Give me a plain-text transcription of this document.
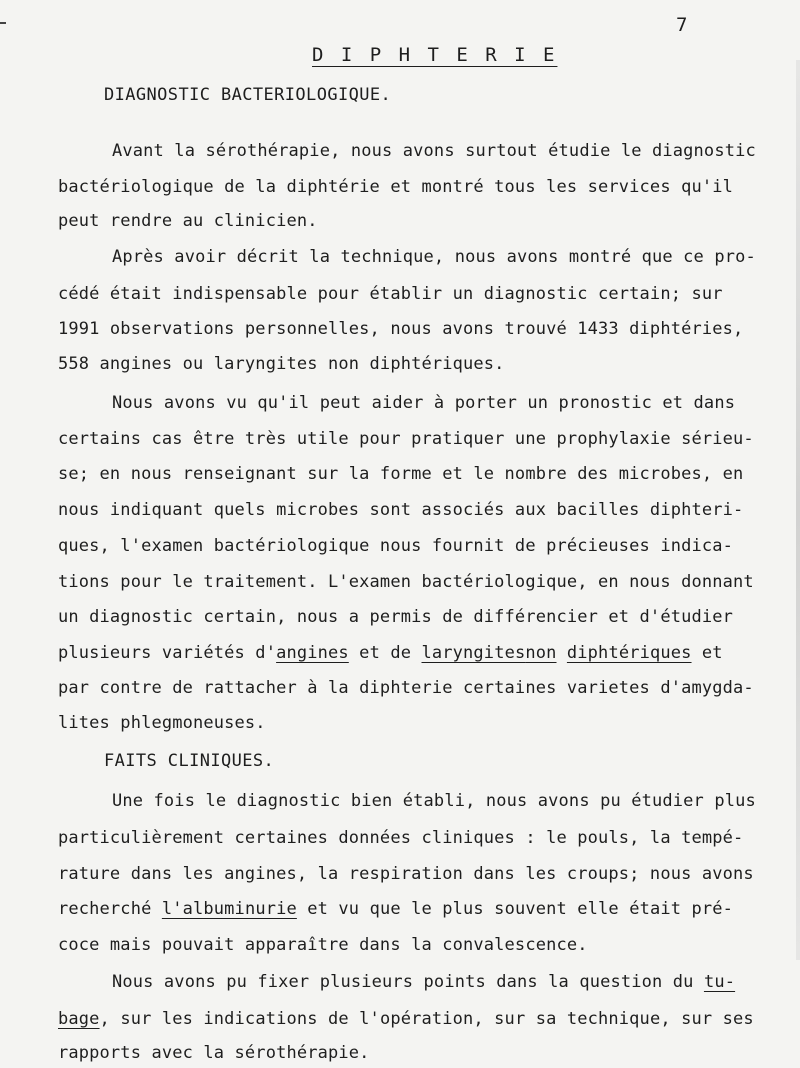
7
D I P H T E R I E
DIAGNOSTIC BACTERIOLOGIQUE.
Avant la sérothérapie, nous avons surtout étudie le diagnostic
bactériologique de la diphtérie et montré tous les services qu'il
peut rendre au clinicien.
Après avoir décrit la technique, nous avons montré que ce pro-
cédé était indispensable pour établir un diagnostic certain; sur
1991 observations personnelles, nous avons trouvé 1433 diphtéries,
558 angines ou laryngites non diphtériques.
Nous avons vu qu'il peut aider à porter un pronostic et dans
certains cas être très utile pour pratiquer une prophylaxie sérieu-
se; en nous renseignant sur la forme et le nombre des microbes, en
nous indiquant quels microbes sont associés aux bacilles diphteri-
ques, l'examen bactériologique nous fournit de précieuses indica-
tions pour le traitement. L'examen bactériologique, en nous donnant
un diagnostic certain, nous a permis de différencier et d'étudier
plusieurs variétés d'angines et de laryngitesnon diphtériques et
par contre de rattacher à la diphterie certaines varietes d'amygda-
lites phlegmoneuses.
FAITS CLINIQUES.
Une fois le diagnostic bien établi, nous avons pu étudier plus
particulièrement certaines données cliniques : le pouls, la tempé-
rature dans les angines, la respiration dans les croups; nous avons
recherché l'albuminurie et vu que le plus souvent elle était pré-
coce mais pouvait apparaître dans la convalescence.
Nous avons pu fixer plusieurs points dans la question du tu-
bage, sur les indications de l'opération, sur sa technique, sur ses
rapports avec la sérothérapie.
